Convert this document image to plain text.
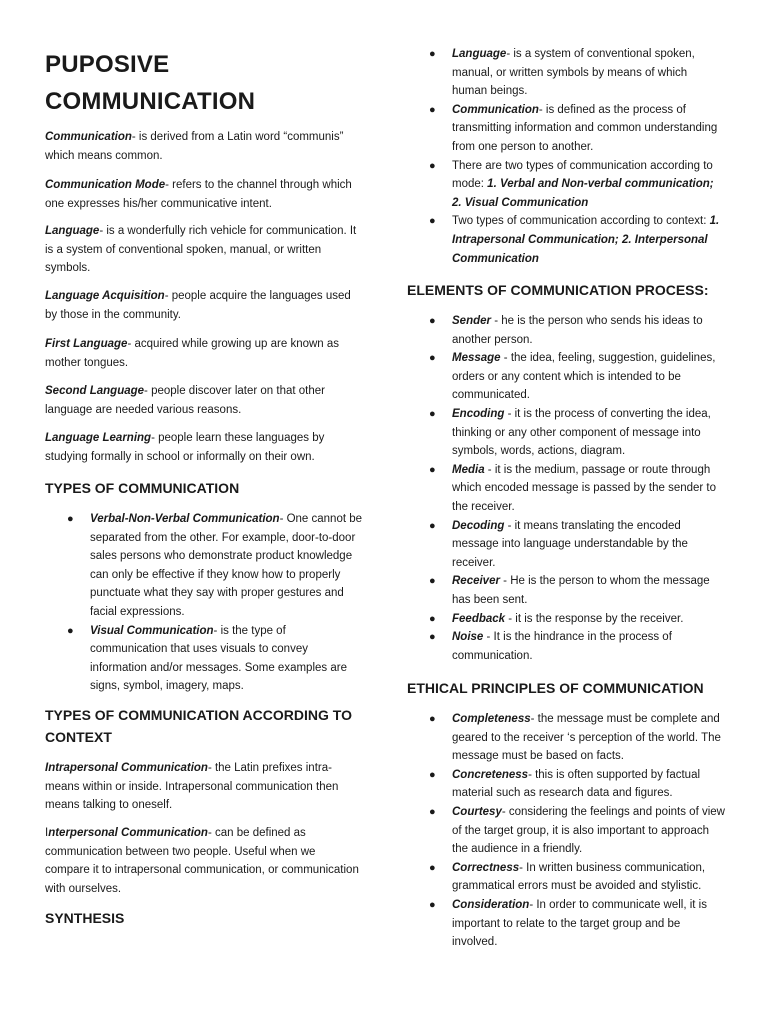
PUPOSIVE COMMUNICATION

Communication- is derived from a Latin word “communis” which means common.

Communication Mode- refers to the channel through which one expresses his/her communicative intent.

Language- is a wonderfully rich vehicle for communication. It is a system of conventional spoken, manual, or written symbols.

Language Acquisition- people acquire the languages used by those in the community.

First Language- acquired while growing up are known as mother tongues.

Second Language- people discover later on that other language are needed various reasons.

Language Learning- people learn these languages by studying formally in school or informally on their own.

TYPES OF COMMUNICATION
● Verbal-Non-Verbal Communication- One cannot be separated from the other. For example, door-to-door sales persons who demonstrate product knowledge can only be effective if they know how to properly punctuate what they say with proper gestures and facial expressions.
● Visual Communication- is the type of communication that uses visuals to convey information and/or messages. Some examples are signs, symbol, imagery, maps.
TYPES OF COMMUNICATION ACCORDING TO CONTEXT

Intrapersonal Communication- the Latin prefixes intra- means within or inside. Intrapersonal communication then means talking to oneself.

Interpersonal Communication- can be defined as communication between two people. Useful when we compare it to intrapersonal communication, or communication with ourselves.

SYNTHESIS
● Language- is a system of conventional spoken, manual, or written symbols by means of which human beings.
● Communication- is defined as the process of transmitting information and common understanding from one person to another.
● There are two types of communication according to mode: 1. Verbal and Non-verbal communication; 2. Visual Communication
● Two types of communication according to context: 1. Intrapersonal Communication; 2. Interpersonal Communication
ELEMENTS OF COMMUNICATION PROCESS:
● Sender - he is the person who sends his ideas to another person.
● Message - the idea, feeling, suggestion, guidelines, orders or any content which is intended to be communicated.
● Encoding - it is the process of converting the idea, thinking or any other component of message into symbols, words, actions, diagram.
● Media - it is the medium, passage or route through which encoded message is passed by the sender to the receiver.
● Decoding - it means translating the encoded message into language understandable by the receiver.
● Receiver - He is the person to whom the message has been sent.
● Feedback - it is the response by the receiver.
● Noise - It is the hindrance in the process of communication.
ETHICAL PRINCIPLES OF COMMUNICATION
● Completeness- the message must be complete and geared to the receiver ‘s perception of the world. The message must be based on facts.
● Concreteness- this is often supported by factual material such as research data and figures.
● Courtesy- considering the feelings and points of view of the target group, it is also important to approach the audience in a friendly.
● Correctness- In written business communication, grammatical errors must be avoided and stylistic.
● Consideration- In order to communicate well, it is important to relate to the target group and be involved.
